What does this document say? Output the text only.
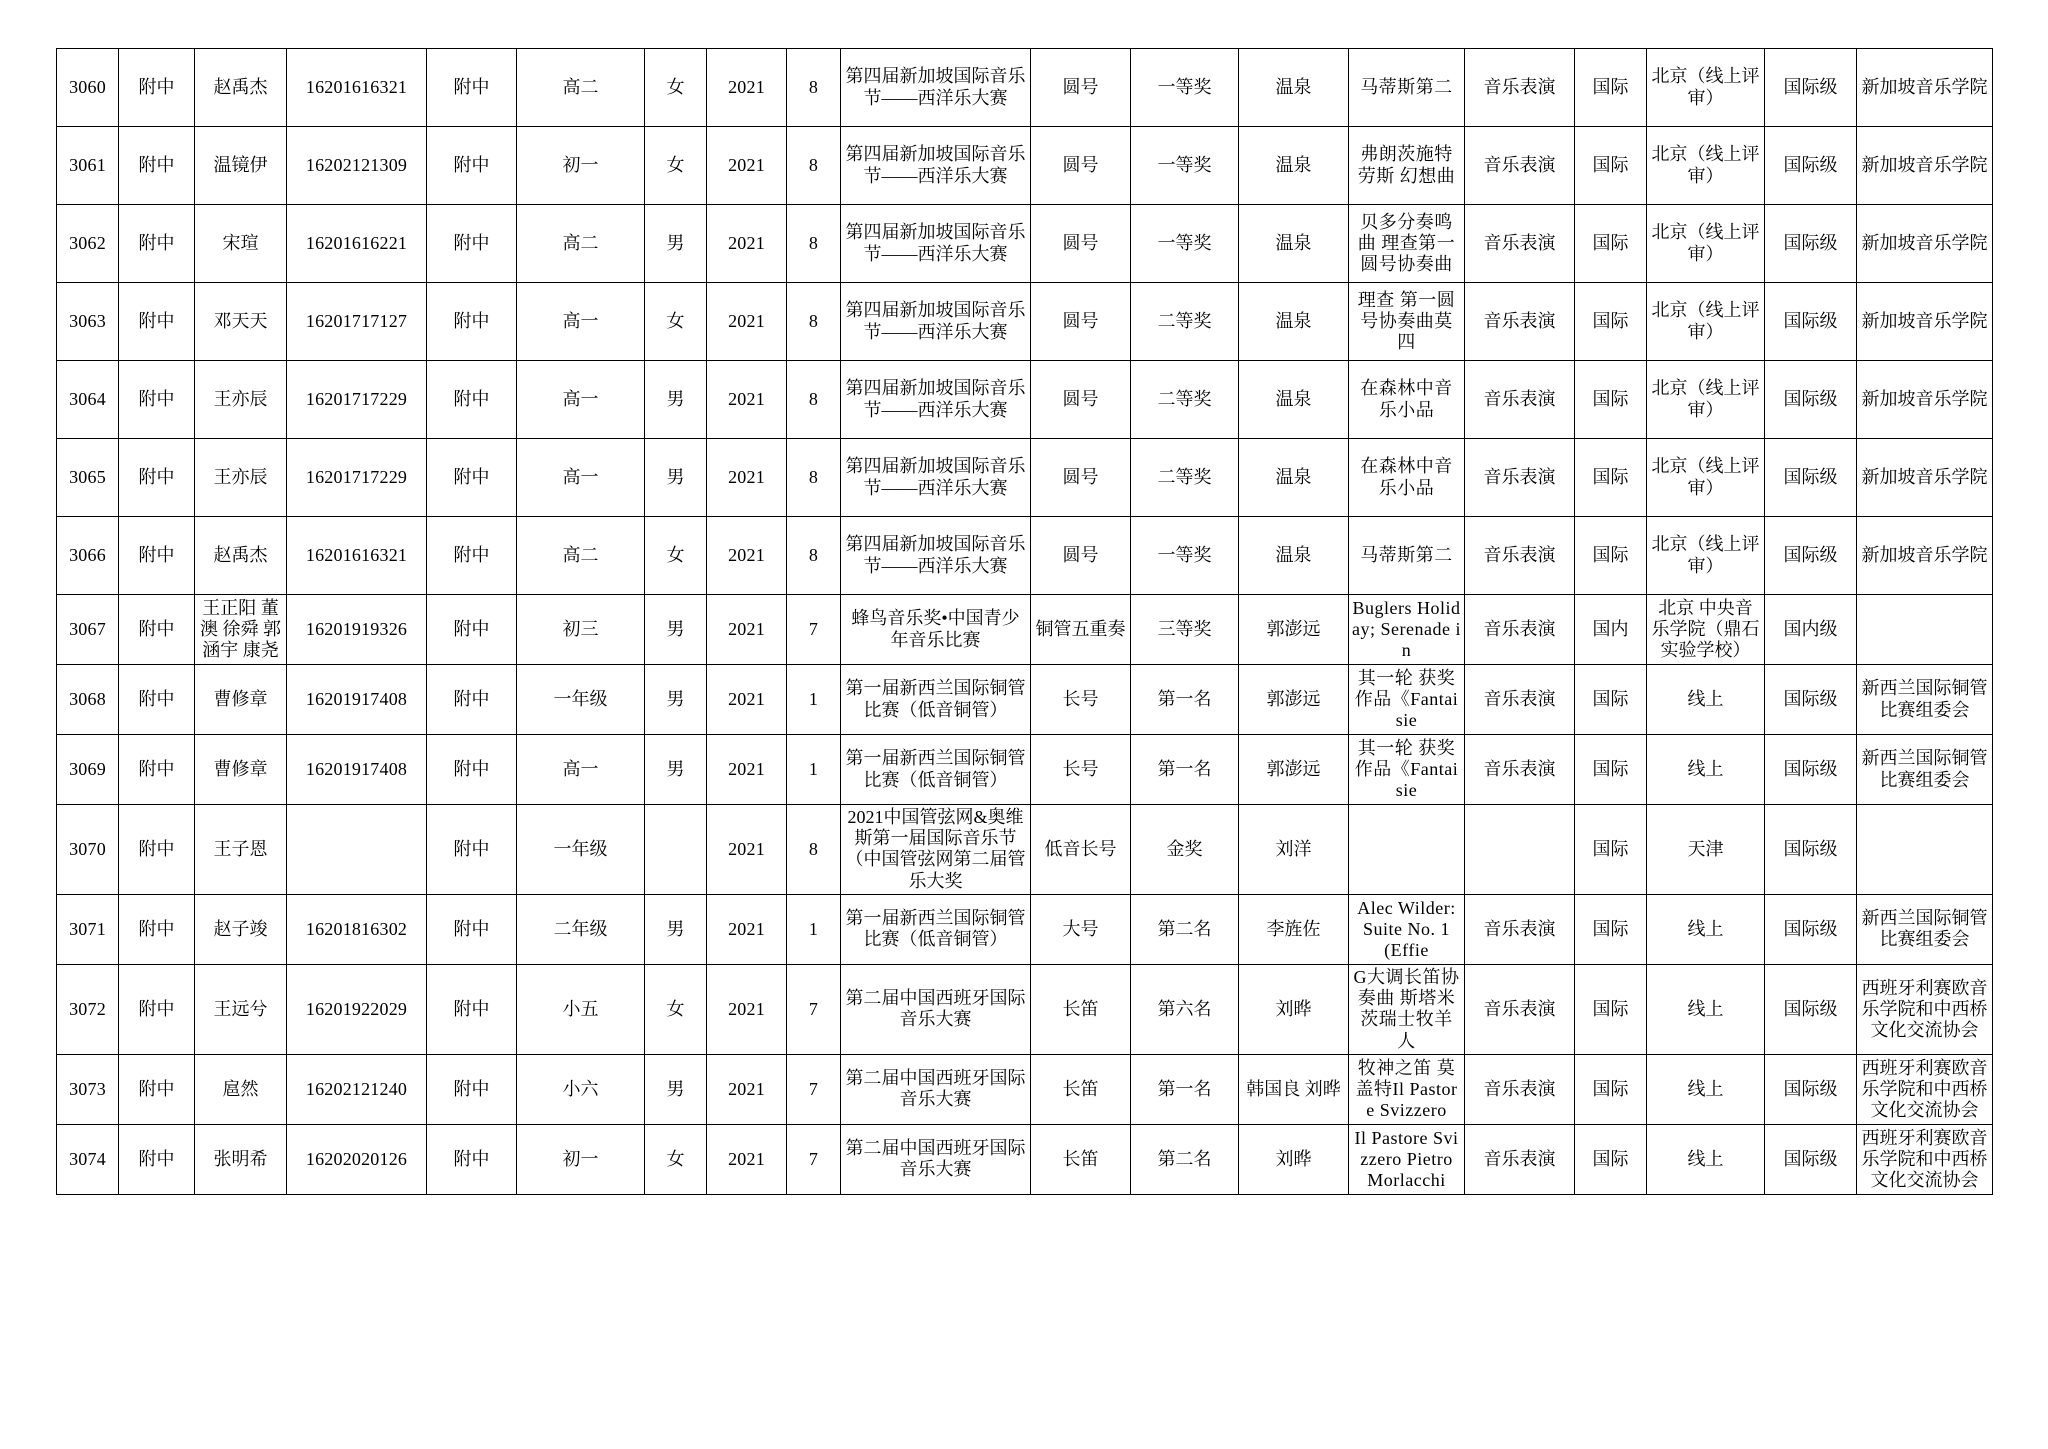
3060	附中	赵禹杰	16201616321	附中	高二	女	2021	8	第四届新加坡国际音乐节——西洋乐大赛	圆号	一等奖	温泉	马蒂斯第二	音乐表演	国际	北京（线上评审）	国际级	新加坡音乐学院
3061	附中	温镜伊	16202121309	附中	初一	女	2021	8	第四届新加坡国际音乐节——西洋乐大赛	圆号	一等奖	温泉	弗朗茨施特劳斯 幻想曲	音乐表演	国际	北京（线上评审）	国际级	新加坡音乐学院
3062	附中	宋瑄	16201616221	附中	高二	男	2021	8	第四届新加坡国际音乐节——西洋乐大赛	圆号	一等奖	温泉	贝多分奏鸣曲 理查第一圆号协奏曲	音乐表演	国际	北京（线上评审）	国际级	新加坡音乐学院
3063	附中	邓天天	16201717127	附中	高一	女	2021	8	第四届新加坡国际音乐节——西洋乐大赛	圆号	二等奖	温泉	理查 第一圆号协奏曲莫四	音乐表演	国际	北京（线上评审）	国际级	新加坡音乐学院
3064	附中	王亦辰	16201717229	附中	高一	男	2021	8	第四届新加坡国际音乐节——西洋乐大赛	圆号	二等奖	温泉	在森林中音乐小品	音乐表演	国际	北京（线上评审）	国际级	新加坡音乐学院
3065	附中	王亦辰	16201717229	附中	高一	男	2021	8	第四届新加坡国际音乐节——西洋乐大赛	圆号	二等奖	温泉	在森林中音乐小品	音乐表演	国际	北京（线上评审）	国际级	新加坡音乐学院
3066	附中	赵禹杰	16201616321	附中	高二	女	2021	8	第四届新加坡国际音乐节——西洋乐大赛	圆号	一等奖	温泉	马蒂斯第二	音乐表演	国际	北京（线上评审）	国际级	新加坡音乐学院
3067	附中	王正阳 董澳 徐舜 郭涵宇 康尧	16201919326	附中	初三	男	2021	7	蜂鸟音乐奖•中国青少年音乐比赛	铜管五重奏	三等奖	郭澎远	Buglers Holiday; Serenade in	音乐表演	国内	北京 中央音乐学院（鼎石实验学校）	国内级	
3068	附中	曹修章	16201917408	附中	一年级	男	2021	1	第一届新西兰国际铜管比赛（低音铜管）	长号	第一名	郭澎远	其一轮 获奖作品《Fantaisie	音乐表演	国际	线上	国际级	新西兰国际铜管比赛组委会
3069	附中	曹修章	16201917408	附中	高一	男	2021	1	第一届新西兰国际铜管比赛（低音铜管）	长号	第一名	郭澎远	其一轮 获奖作品《Fantaisie	音乐表演	国际	线上	国际级	新西兰国际铜管比赛组委会
3070	附中	王子恩		附中	一年级		2021	8	2021中国管弦网&奥维斯第一届国际音乐节（中国管弦网第二届管乐大奖	低音长号	金奖	刘洋			国际	天津	国际级	
3071	附中	赵子竣	16201816302	附中	二年级	男	2021	1	第一届新西兰国际铜管比赛（低音铜管）	大号	第二名	李旌佐	Alec Wilder: Suite No. 1 (Effie	音乐表演	国际	线上	国际级	新西兰国际铜管比赛组委会
3072	附中	王远兮	16201922029	附中	小五	女	2021	7	第二届中国西班牙国际音乐大赛	长笛	第六名	刘晔	G大调长笛协奏曲 斯塔米茨瑞士牧羊人	音乐表演	国际	线上	国际级	西班牙利赛欧音乐学院和中西桥文化交流协会
3073	附中	扈然	16202121240	附中	小六	男	2021	7	第二届中国西班牙国际音乐大赛	长笛	第一名	韩国良 刘晔	牧神之笛 莫盖特Il Pastore Svizzero	音乐表演	国际	线上	国际级	西班牙利赛欧音乐学院和中西桥文化交流协会
3074	附中	张明希	16202020126	附中	初一	女	2021	7	第二届中国西班牙国际音乐大赛	长笛	第二名	刘晔	Il Pastore Svizzero Pietro Morlacchi	音乐表演	国际	线上	国际级	西班牙利赛欧音乐学院和中西桥文化交流协会
